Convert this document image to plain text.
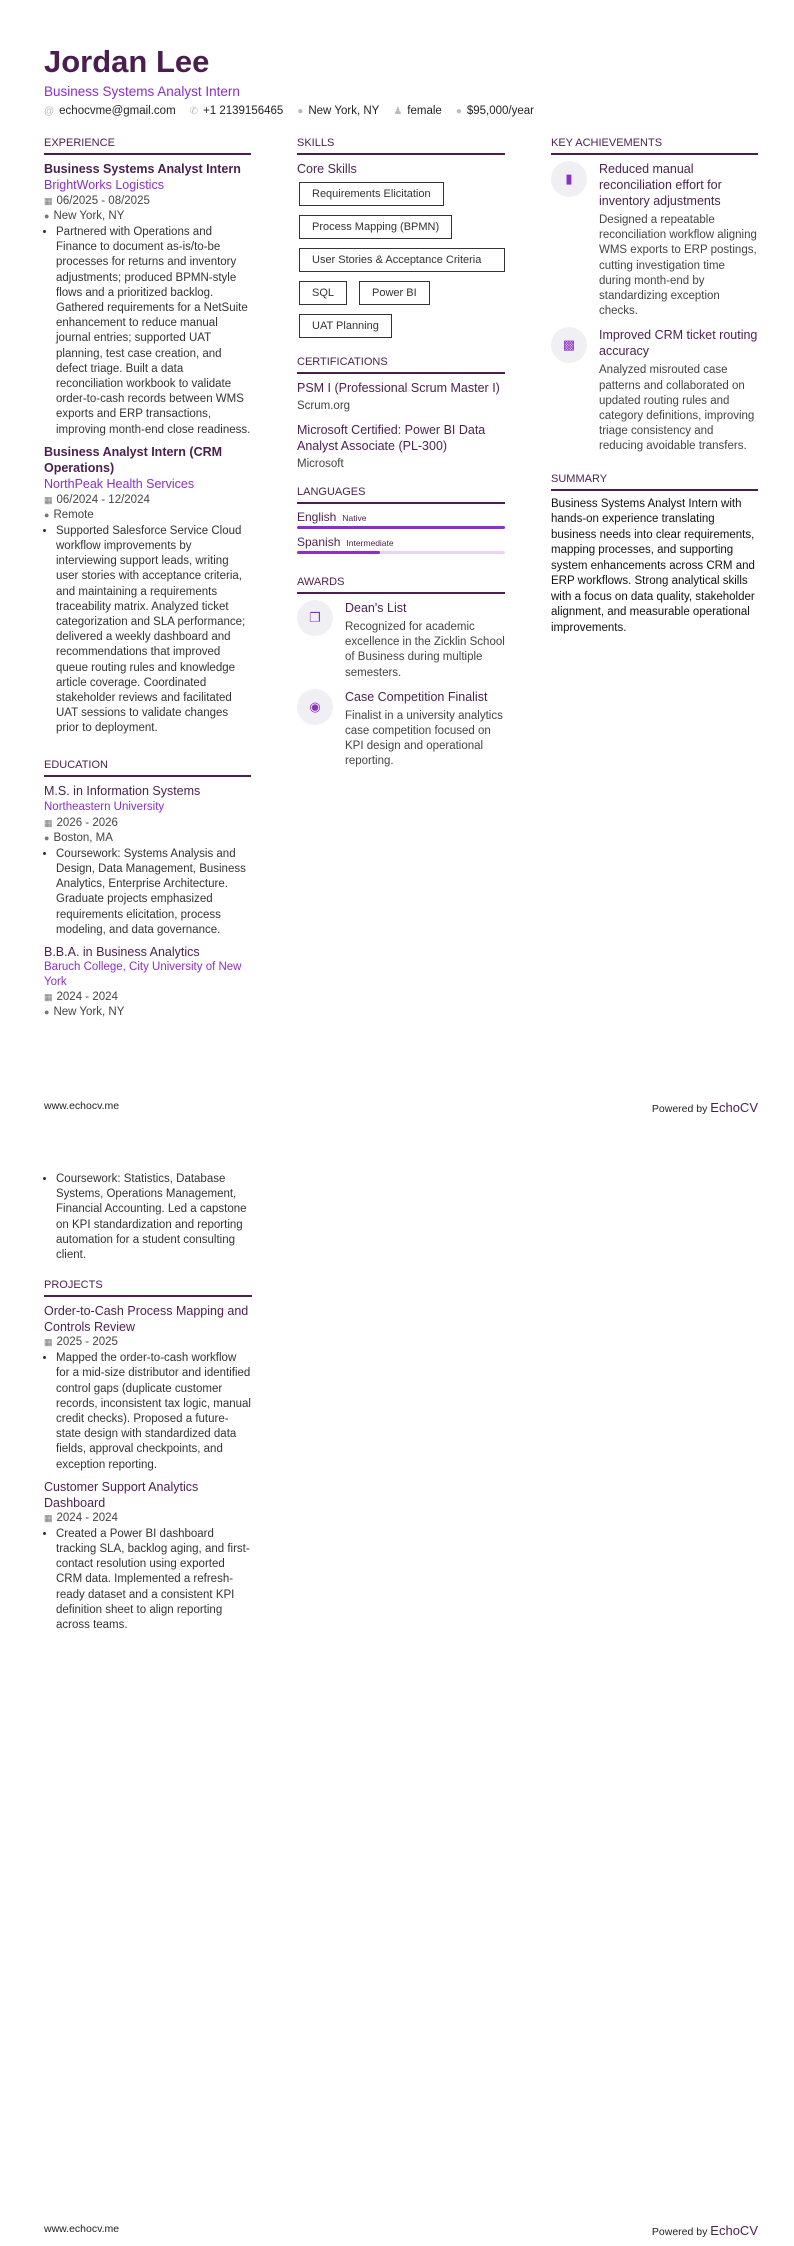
Jordan Lee
Business Systems Analyst Intern
@ echocvme@gmail.com ✆ +1 2139156465 ● New York, NY ♟ female ● $95,000/year
EXPERIENCE
Business Systems Analyst Intern
BrightWorks Logistics
▦ 06/2025 - 08/2025
● New York, NY
• Partnered with Operations and Finance to document as-is/to-be processes for returns and inventory adjustments; produced BPMN-style flows and a prioritized backlog. Gathered requirements for a NetSuite enhancement to reduce manual journal entries; supported UAT planning, test case creation, and defect triage. Built a data reconciliation workbook to validate order-to-cash records between WMS exports and ERP transactions, improving month-end close readiness.
Business Analyst Intern (CRM Operations)
NorthPeak Health Services
▦ 06/2024 - 12/2024
● Remote
• Supported Salesforce Service Cloud workflow improvements by interviewing support leads, writing user stories with acceptance criteria, and maintaining a requirements traceability matrix. Analyzed ticket categorization and SLA performance; delivered a weekly dashboard and recommendations that improved queue routing rules and knowledge article coverage. Coordinated stakeholder reviews and facilitated UAT sessions to validate changes prior to deployment.
EDUCATION
M.S. in Information Systems
Northeastern University
▦ 2026 - 2026
● Boston, MA
• Coursework: Systems Analysis and Design, Data Management, Business Analytics, Enterprise Architecture. Graduate projects emphasized requirements elicitation, process modeling, and data governance.
B.B.A. in Business Analytics
Baruch College, City University of New York
▦ 2024 - 2024
● New York, NY
SKILLS
Core Skills
Requirements Elicitation
Process Mapping (BPMN)
User Stories & Acceptance Criteria
SQL	Power BI
UAT Planning
CERTIFICATIONS
PSM I (Professional Scrum Master I)
Scrum.org
Microsoft Certified: Power BI Data Analyst Associate (PL-300)
Microsoft
LANGUAGES
English Native
Spanish Intermediate
AWARDS
❐
Dean's List
Recognized for academic excellence in the Zicklin School of Business during multiple semesters.
◉
Case Competition Finalist
Finalist in a university analytics case competition focused on KPI design and operational reporting.
KEY ACHIEVEMENTS
▮
Reduced manual reconciliation effort for inventory adjustments
Designed a repeatable reconciliation workflow aligning WMS exports to ERP postings, cutting investigation time during month-end by standardizing exception checks.
▩
Improved CRM ticket routing accuracy
Analyzed misrouted case patterns and collaborated on updated routing rules and category definitions, improving triage consistency and reducing avoidable transfers.
SUMMARY
Business Systems Analyst Intern with hands-on experience translating business needs into clear requirements, mapping processes, and supporting system enhancements across CRM and ERP workflows. Strong analytical skills with a focus on data quality, stakeholder alignment, and measurable operational improvements.
www.echocv.me	Powered by EchoCV
• Coursework: Statistics, Database Systems, Operations Management, Financial Accounting. Led a capstone on KPI standardization and reporting automation for a student consulting client.
PROJECTS
Order-to-Cash Process Mapping and Controls Review
▦ 2025 - 2025
• Mapped the order-to-cash workflow for a mid-size distributor and identified control gaps (duplicate customer records, inconsistent tax logic, manual credit checks). Proposed a future-state design with standardized data fields, approval checkpoints, and exception reporting.
Customer Support Analytics Dashboard
▦ 2024 - 2024
• Created a Power BI dashboard tracking SLA, backlog aging, and first-contact resolution using exported CRM data. Implemented a refresh-ready dataset and a consistent KPI definition sheet to align reporting across teams.
www.echocv.me	Powered by EchoCV
